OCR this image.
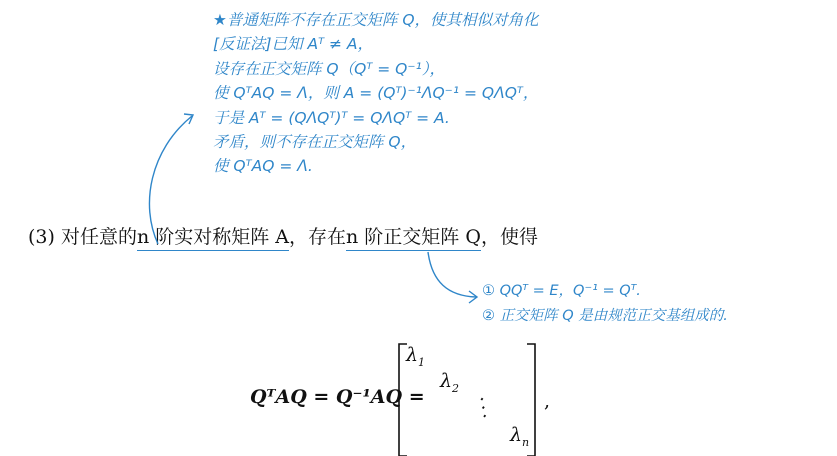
★普通矩阵不存在正交矩阵 Q，使其相似对角化
[反证法]已知 Aᵀ ≠ A，
设存在正交矩阵 Q（Qᵀ = Q⁻¹），
使 QᵀAQ = Λ，则 A = (Qᵀ)⁻¹ΛQ⁻¹ = QΛQᵀ，
于是 Aᵀ = (QΛQᵀ)ᵀ = QΛQᵀ = A.
矛盾，则不存在正交矩阵 Q，
使 QᵀAQ = Λ.
(3) 对任意的n 阶实对称矩阵 A，存在n 阶正交矩阵 Q，使得
① QQᵀ = E，Q⁻¹ = Qᵀ.
② 正交矩阵 Q 是由规范正交基组成的.
QᵀAQ = Q⁻¹AQ =
$\lambda_1$
$\lambda_2$
⋱
$\lambda_n$
,
